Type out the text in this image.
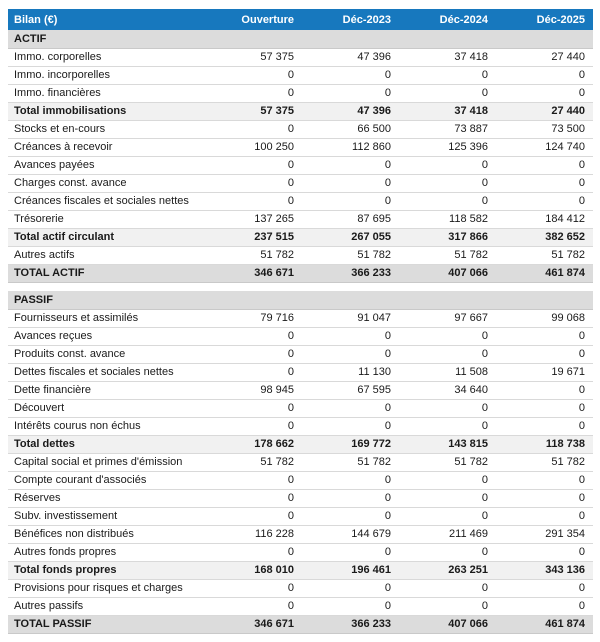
Bilan (€)	Ouverture	Déc-2023	Déc-2024	Déc-2025
ACTIF				
Immo. corporelles	57 375	47 396	37 418	27 440
Immo. incorporelles	0	0	0	0
Immo. financières	0	0	0	0
Total immobilisations	57 375	47 396	37 418	27 440
Stocks et en-cours	0	66 500	73 887	73 500
Créances à recevoir	100 250	112 860	125 396	124 740
Avances payées	0	0	0	0
Charges const. avance	0	0	0	0
Créances fiscales et sociales nettes	0	0	0	0
Trésorerie	137 265	87 695	118 582	184 412
Total actif circulant	237 515	267 055	317 866	382 652
Autres actifs	51 782	51 782	51 782	51 782
TOTAL ACTIF	346 671	366 233	407 066	461 874

PASSIF				
Fournisseurs et assimilés	79 716	91 047	97 667	99 068
Avances reçues	0	0	0	0
Produits const. avance	0	0	0	0
Dettes fiscales et sociales nettes	0	11 130	11 508	19 671
Dette financière	98 945	67 595	34 640	0
Découvert	0	0	0	0
Intérêts courus non échus	0	0	0	0
Total dettes	178 662	169 772	143 815	118 738
Capital social et primes d'émission	51 782	51 782	51 782	51 782
Compte courant d'associés	0	0	0	0
Réserves	0	0	0	0
Subv. investissement	0	0	0	0
Bénéfices non distribués	116 228	144 679	211 469	291 354
Autres fonds propres	0	0	0	0
Total fonds propres	168 010	196 461	263 251	343 136
Provisions pour risques et charges	0	0	0	0
Autres passifs	0	0	0	0
TOTAL PASSIF	346 671	366 233	407 066	461 874
